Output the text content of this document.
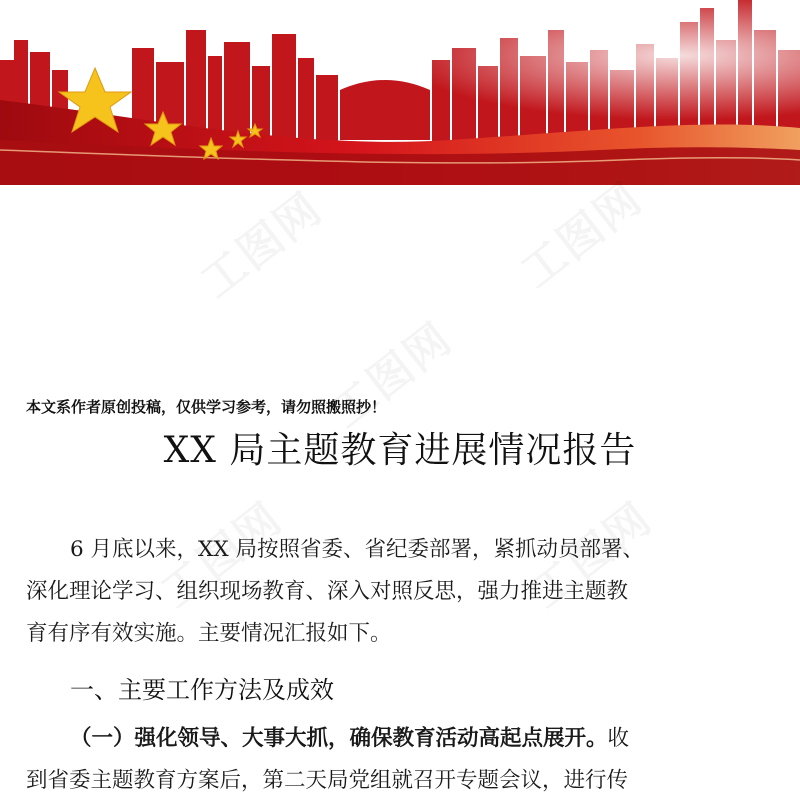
本文系作者原创投稿，仅供学习参考，请勿照搬照抄！
XX 局主题教育进展情况报告
6 月底以来，XX 局按照省委、省纪委部署，紧抓动员部署、
深化理论学习、组织现场教育、深入对照反思，强力推进主题教
育有序有效实施。主要情况汇报如下。
一、主要工作方法及成效
（一）强化领导、大事大抓，确保教育活动高起点展开。收
到省委主题教育方案后，第二天局党组就召开专题会议，进行传
